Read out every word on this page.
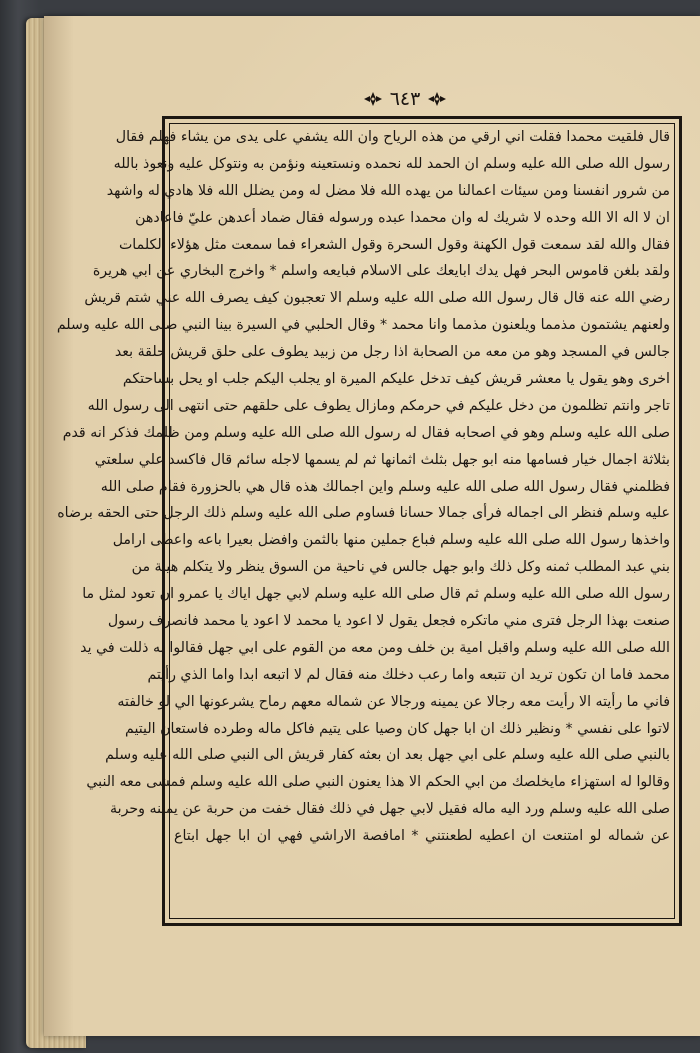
٦٤٣
قال فلقيت محمدا فقلت اني ارقي من هذه الرياح وان الله يشفي على يدى من يشاء فهلم فقال
رسول الله صلى الله عليه وسلم ان الحمد لله نحمده ونستعينه ونؤمن به ونتوكل عليه ونعوذ بالله
من شرور انفسنا ومن سيئات اعمالنا من يهده الله فلا مضل له ومن يضلل الله فلا هادي له واشهد
ان لا اله الا الله وحده لا شريك له وان محمدا عبده ورسوله فقال ضماد أعدهن عليّ فاعادهن
فقال والله لقد سمعت قول الكهنة وقول السحرة وقول الشعراء فما سمعت مثل هؤلاء الكلمات
ولقد بلغن قاموس البحر فهل يدك ابايعك على الاسلام فبايعه واسلم * واخرج البخاري عن ابي هريرة
رضي الله عنه قال قال رسول الله صلى الله عليه وسلم الا تعجبون كيف يصرف الله عني شتم قريش
ولعنهم يشتمون مذمما ويلعنون مذمما وانا محمد * وقال الحلبي في السيرة بينا النبي صلى الله عليه وسلم
جالس في المسجد وهو من معه من الصحابة اذا رجل من زبيد يطوف على حلق قريش حلقة بعد
اخرى وهو يقول يا معشر قريش كيف تدخل عليكم الميرة او يجلب اليكم جلب او يحل بساحتكم
تاجر وانتم تظلمون من دخل عليكم في حرمكم ومازال يطوف على حلقهم حتى انتهى الى رسول الله
صلى الله عليه وسلم وهو في اصحابه فقال له رسول الله صلى الله عليه وسلم ومن ظلمك فذكر انه قدم
بثلاثة اجمال خيار فسامها منه ابو جهل بثلث اثمانها ثم لم يسمها لاجله سائم قال فاكسد علي سلعتي
فظلمني فقال رسول الله صلى الله عليه وسلم واين اجمالك هذه قال هي بالحزورة فقام صلى الله
عليه وسلم فنظر الى اجماله فرأى جمالا حسانا فساوم صلى الله عليه وسلم ذلك الرجل حتى الحقه برضاه
واخذها رسول الله صلى الله عليه وسلم فباع جملين منها بالثمن وافضل بعيرا باعه واعطى ارامل
بني عبد المطلب ثمنه وكل ذلك وابو جهل جالس في ناحية من السوق ينظر ولا يتكلم هيبة من
رسول الله صلى الله عليه وسلم ثم قال صلى الله عليه وسلم لابي جهل اياك يا عمرو ان تعود لمثل ما
صنعت بهذا الرجل فترى مني ماتكره فجعل يقول لا اعود يا محمد لا اعود يا محمد فانصرف رسول
الله صلى الله عليه وسلم واقبل امية بن خلف ومن معه من القوم على ابي جهل فقالوا له ذللت في يد
محمد فاما ان تكون تريد ان تتبعه واما رعب دخلك منه فقال لم لا اتبعه ابدا واما الذي رأيتم
فاني ما رأيته الا رأيت معه رجالا عن يمينه ورجالا عن شماله معهم رماح يشرعونها الي لو خالفته
لاتوا على نفسي * ونظير ذلك ان ابا جهل كان وصيا على يتيم فاكل ماله وطرده فاستعان اليتيم
بالنبي صلى الله عليه وسلم على ابي جهل بعد ان بعثه كفار قريش الى النبي صلى الله عليه وسلم
وقالوا له استهزاء مايخلصك من ابي الحكم الا هذا يعنون النبي صلى الله عليه وسلم فمشى معه النبي
صلى الله عليه وسلم ورد اليه ماله فقيل لابي جهل في ذلك فقال خفت من حربة عن يمينه وحربة
عن شماله لو امتنعت ان اعطيه لطعنتني * امافصة الاراشي فهي ان ابا جهل ابتاع
